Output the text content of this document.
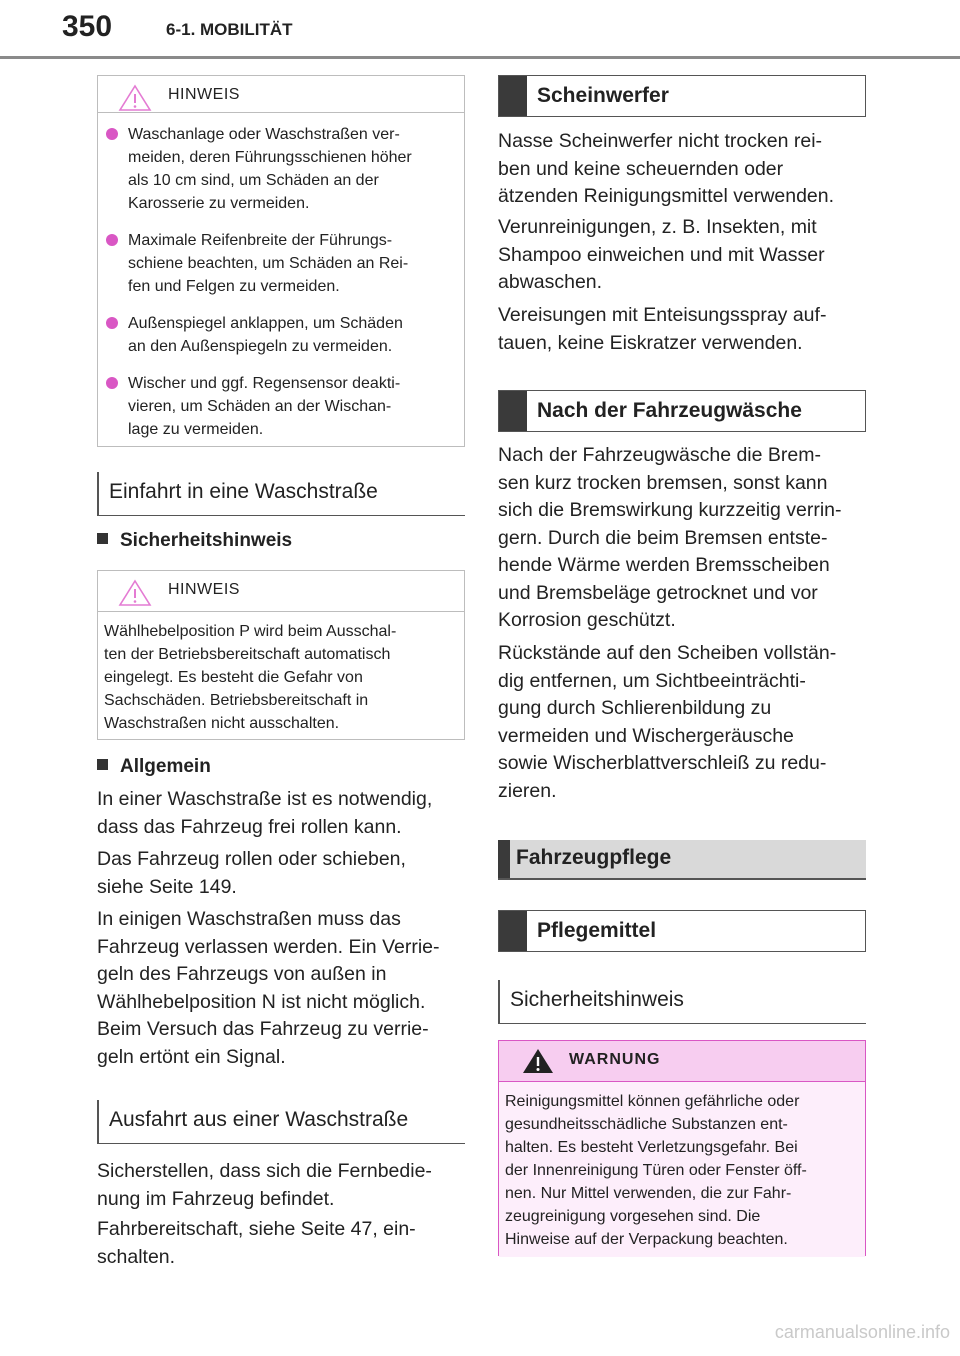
350	6-1. MOBILITÄT
HINWEIS
Waschanlage oder Waschstraßen ver-
meiden, deren Führungsschienen höher
als 10 cm sind, um Schäden an der
Karosserie zu vermeiden.
Maximale Reifenbreite der Führungs-
schiene beachten, um Schäden an Rei-
fen und Felgen zu vermeiden.
Außenspiegel anklappen, um Schäden
an den Außenspiegeln zu vermeiden.
Wischer und ggf. Regensensor deakti-
vieren, um Schäden an der Wischan-
lage zu vermeiden.
Einfahrt in eine Waschstraße
Sicherheitshinweis
HINWEIS
Wählhebelposition P wird beim Ausschal-
ten der Betriebsbereitschaft automatisch
eingelegt. Es besteht die Gefahr von
Sachschäden. Betriebsbereitschaft in
Waschstraßen nicht ausschalten.
Allgemein
In einer Waschstraße ist es notwendig,
dass das Fahrzeug frei rollen kann.
Das Fahrzeug rollen oder schieben,
siehe Seite 149.
In einigen Waschstraßen muss das
Fahrzeug verlassen werden. Ein Verrie-
geln des Fahrzeugs von außen in
Wählhebelposition N ist nicht möglich.
Beim Versuch das Fahrzeug zu verrie-
geln ertönt ein Signal.
Ausfahrt aus einer Waschstraße
Sicherstellen, dass sich die Fernbedie-
nung im Fahrzeug befindet.
Fahrbereitschaft, siehe Seite 47, ein-
schalten.
Scheinwerfer
Nasse Scheinwerfer nicht trocken rei-
ben und keine scheuernden oder
ätzenden Reinigungsmittel verwenden.
Verunreinigungen, z. B. Insekten, mit
Shampoo einweichen und mit Wasser
abwaschen.
Vereisungen mit Enteisungsspray auf-
tauen, keine Eiskratzer verwenden.
Nach der Fahrzeugwäsche
Nach der Fahrzeugwäsche die Brem-
sen kurz trocken bremsen, sonst kann
sich die Bremswirkung kurzzeitig verrin-
gern. Durch die beim Bremsen entste-
hende Wärme werden Bremsscheiben
und Bremsbeläge getrocknet und vor
Korrosion geschützt.
Rückstände auf den Scheiben vollstän-
dig entfernen, um Sichtbeeinträchti-
gung durch Schlierenbildung zu
vermeiden und Wischergeräusche
sowie Wischerblattverschleiß zu redu-
zieren.
Fahrzeugpflege
Pflegemittel
Sicherheitshinweis
WARNUNG
Reinigungsmittel können gefährliche oder
gesundheitsschädliche Substanzen ent-
halten. Es besteht Verletzungsgefahr. Bei
der Innenreinigung Türen oder Fenster öff-
nen. Nur Mittel verwenden, die zur Fahr-
zeugreinigung vorgesehen sind. Die
Hinweise auf der Verpackung beachten.
carmanualsonline.info
